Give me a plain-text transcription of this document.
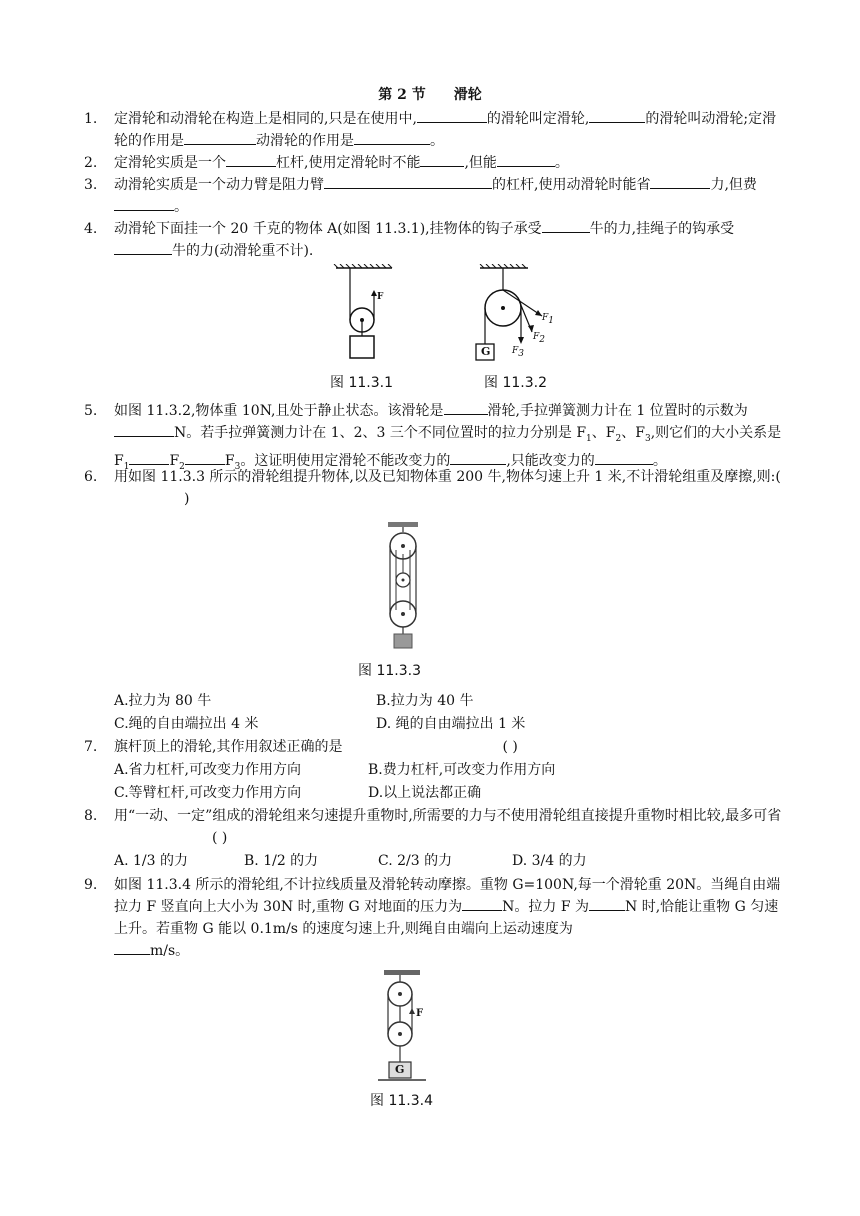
第 2 节 滑轮
1. 定滑轮和动滑轮在构造上是相同的,只是在使用中,	的滑轮叫定滑轮,	的滑轮叫动滑轮;定滑轮的作用是	动滑轮的作用是	。
2. 定滑轮实质是一个	杠杆,使用定滑轮时不能	,但能	。
3. 动滑轮实质是一个动力臂是阻力臂	的杠杆,使用动滑轮时能省	力,但费。
4. 动滑轮下面挂一个 20 千克的物体 A(如图 11.3.1),挂物体的钩子承受	牛的力,挂绳子的钩承受牛的力(动滑轮重不计).
F
图 11.3.1
G
$F_1$
$F_2$
$F_3$
图 11.3.2
5. 如图 11.3.2,物体重 10N,且处于静止状态。该滑轮是	滑轮,手拉弹簧测力计在 1 位置时的示数为N。若手拉弹簧测力计在 1、2、3 三个不同位置时的拉力分别是 $F_1$、$F_2$、$F_3$,则它们的大小关系是 $F_1$	$F_2$	$F_3$。这证明使用定滑轮不能改变力的	,只能改变力的	。
6. 用如图 11.3.3 所示的滑轮组提升物体,以及已知物体重 200 牛,物体匀速上升 1 米,不计滑轮组重及摩擦,则:()
图 11.3.3
A.拉力为 80 牛	B.拉力为 40 牛
C.绳的自由端拉出 4 米	D. 绳的自由端拉出 1 米
7. 旗杆顶上的滑轮,其作用叙述正确的是	( )
A.省力杠杆,可改变力作用方向	B.费力杠杆,可改变力作用方向
C.等臂杠杆,可改变力作用方向	D.以上说法都正确
8.	用“一动、一定”组成的滑轮组来匀速提升重物时,所需要的力与不使用滑轮组直接提升重物时相比较,最多可省( )
A. 1/3 的力	B. 1/2 的力	C. 2/3 的力	D. 3/4 的力
9. 如图 11.3.4 所示的滑轮组,不计拉线质量及滑轮转动摩擦。重物 G=100N,每一个滑轮重 20N。当绳自由端拉力 F 竖直向上大小为 30N 时,重物 G 对地面的压力为	N。拉力 F 为	N 时,恰能让重物 G 匀速上升。若重物 G 能以 0.1m/s 的速度匀速上升,则绳自由端向上运动速度为
m/s。
G
F
图 11.3.4
